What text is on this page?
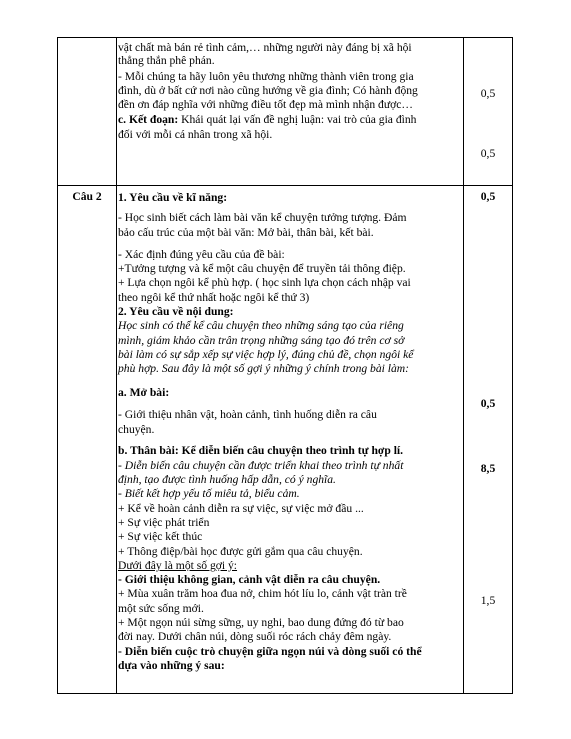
vật chất mà bán rẻ tình cảm,… những người này đáng bị xã hội

thẳng thắn phê phán.

- Mỗi chúng ta hãy luôn yêu thương những thành viên trong gia

đình, dù ở bất cứ nơi nào cũng hướng về gia đình; Có hành động

đền ơn đáp nghĩa với những điều tốt đẹp mà mình nhận được…

c. Kết đoạn: Khái quát lại vấn đề nghị luận: vai trò của gia đình

đối với mỗi cá nhân trong xã hội.

0,5
0,5
Câu 2	0,5

1. Yêu cầu về kĩ năng:

- Học sinh biết cách làm bài văn kể chuyện tưởng tượng. Đảm

bảo cấu trúc của một bài văn: Mở bài, thân bài, kết bài.

- Xác định đúng yêu cầu của đề bài:

+Tưởng tượng và kể một câu chuyện để truyền tải thông điệp.

+ Lựa chọn ngôi kể phù hợp. ( học sinh lựa chọn cách nhập vai

theo ngôi kể thứ nhất hoặc ngôi kể thứ 3)

2. Yêu cầu về nội dung:

Học sinh có thể kể câu chuyện theo những sáng tạo của riêng

mình, giám khảo cần trân trọng những sáng tạo đó trên cơ sở

bài làm có sự sắp xếp sự việc hợp lý, đúng chủ đề, chọn ngôi kể

phù hợp. Sau đây là một số gợi ý những ý chính trong bài làm:

a. Mở bài:

- Giới thiệu nhân vật, hoàn cảnh, tình huống diễn ra câu

chuyện.

b. Thân bài: Kể diễn biến câu chuyện theo trình tự hợp lí.

- Diễn biến câu chuyện cần được triển khai theo trình tự nhất

định, tạo được tình huống hấp dẫn, có ý nghĩa.

- Biết kết hợp yếu tố miêu tả, biểu cảm.

+ Kể về hoàn cảnh diễn ra sự việc, sự việc mở đầu ...

+ Sự việc phát triển

+ Sự việc kết thúc

+ Thông điệp/bài học được gửi gắm qua câu chuyện.

Dưới đây là một số gợi ý:

- Giới thiệu không gian, cảnh vật diễn ra câu chuyện.

+ Mùa xuân trăm hoa đua nở, chim hót líu lo, cảnh vật tràn trề

một sức sống mới.

+ Một ngọn núi sừng sững, uy nghi, bao dung đứng đó từ bao

đời nay. Dưới chân núi, dòng suối róc rách chảy đêm ngày.

- Diễn biến cuộc trò chuyện giữa ngọn núi và dòng suối có thể

dựa vào những ý sau:

0,5
8,5
1,5
